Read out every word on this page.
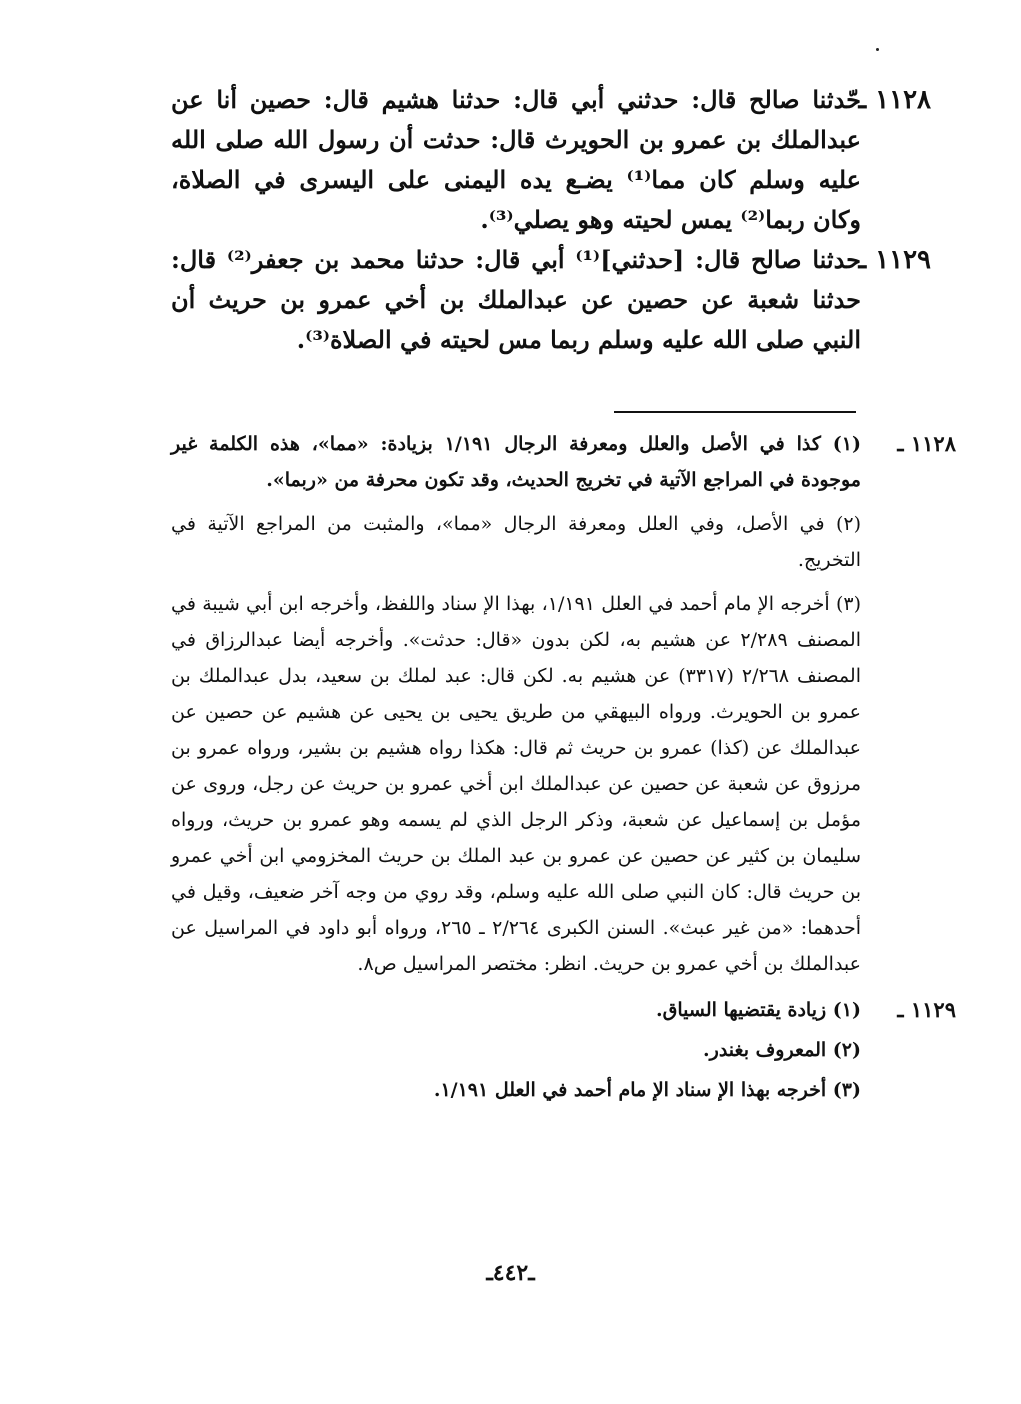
١١٢٨ ـ
حّدثنا صالح قال: حدثني أبي قال: حدثنا هشيم قال: حصين أنا عن عبدالملك بن عمرو بن الحويرث قال: حدثت أن رسول الله صلى الله عليه وسلم كان مما⁽¹⁾ يضـع يده اليمنى على اليسرى في الصلاة، وكان ربما⁽²⁾ يمس لحيته وهو يصلي⁽³⁾.
١١٢٩ ـ
حدثنا صالح قال: [حدثني]⁽¹⁾ أبي قال: حدثنا محمد بن جعفر⁽²⁾ قال: حدثنا شعبة عن حصين عن عبدالملك بن أخي عمرو بن حريث أن النبي صلى الله عليه وسلم ربما مس لحيته في الصلاة⁽³⁾.
١١٢٨ ـ

(١) كذا في الأصل والعلل ومعرفة الرجال ١/١٩١ بزيادة: «مما»، هذه الكلمة غير موجودة في المراجع الآتية في تخريج الحديث، وقد تكون محرفة من «ربما».

(٢) في الأصل، وفي العلل ومعرفة الرجال «مما»، والمثبت من المراجع الآتية في التخريج.

(٣) أخرجه الإ مام أحمد في العلل ١/١٩١، بهذا الإ سناد واللفظ، وأخرجه ابن أبي شيبة في المصنف ٢/٢٨٩ عن هشيم به، لكن بدون «قال: حدثت». وأخرجه أيضا عبدالرزاق في المصنف ٢/٢٦٨ (٣٣١٧) عن هشيم به. لكن قال: عبد لملك بن سعيد، بدل عبدالملك بن عمرو بن الحويرث. ورواه البيهقي من طريق يحيى بن يحيى عن هشيم عن حصين عن عبدالملك عن (كذا) عمرو بن حريث ثم قال: هكذا رواه هشيم بن بشير، ورواه عمرو بن مرزوق عن شعبة عن حصين عن عبدالملك ابن أخي عمرو بن حريث عن رجل، وروى عن مؤمل بن إسماعيل عن شعبة، وذكر الرجل الذي لم يسمه وهو عمرو بن حريث، ورواه سليمان بن كثير عن حصين عن عمرو بن عبد الملك بن حريث المخزومي ابن أخي عمرو بن حريث قال: كان النبي صلى الله عليه وسلم، وقد روي من وجه آخر ضعيف، وقيل في أحدهما: «من غير عبث». السنن الكبرى ٢/٢٦٤ ـ ٢٦٥، ورواه أبو داود في المراسيل عن عبدالملك بن أخي عمرو بن حريث. انظر: مختصر المراسيل ص٨.

١١٢٩ ـ

(١) زيادة يقتضيها السياق.

(٢) المعروف بغندر.

(٣) أخرجه بهذا الإ سناد الإ مام أحمد في العلل ١/١٩١.

ـ٤٤٢ـ
